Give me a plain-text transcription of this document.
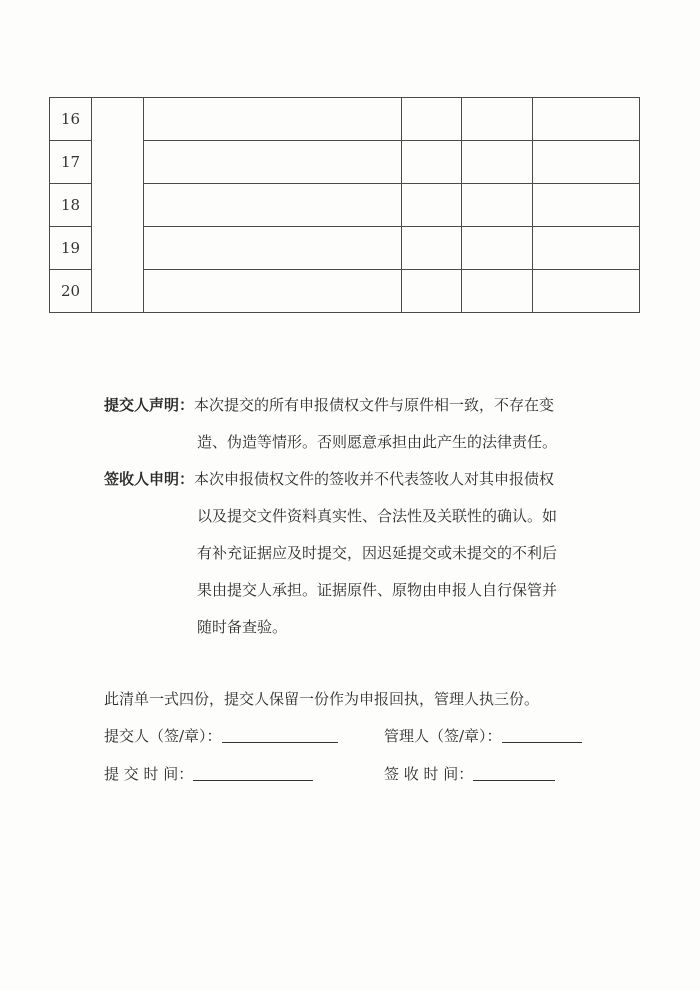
16					
17					
18					
19					
20					
提交人声明：本次提交的所有申报债权文件与原件相一致，不存在变
造、伪造等情形。否则愿意承担由此产生的法律责任。
签收人申明：本次申报债权文件的签收并不代表签收人对其申报债权
以及提交文件资料真实性、合法性及关联性的确认。如
有补充证据应及时提交，因迟延提交或未提交的不利后
果由提交人承担。证据原件、原物由申报人自行保管并
随时备查验。
此清单一式四份，提交人保留一份作为申报回执，管理人执三份。
提交人（签/章）：	管理人（签/章）：
提 交 时 间：	签 收 时 间：
